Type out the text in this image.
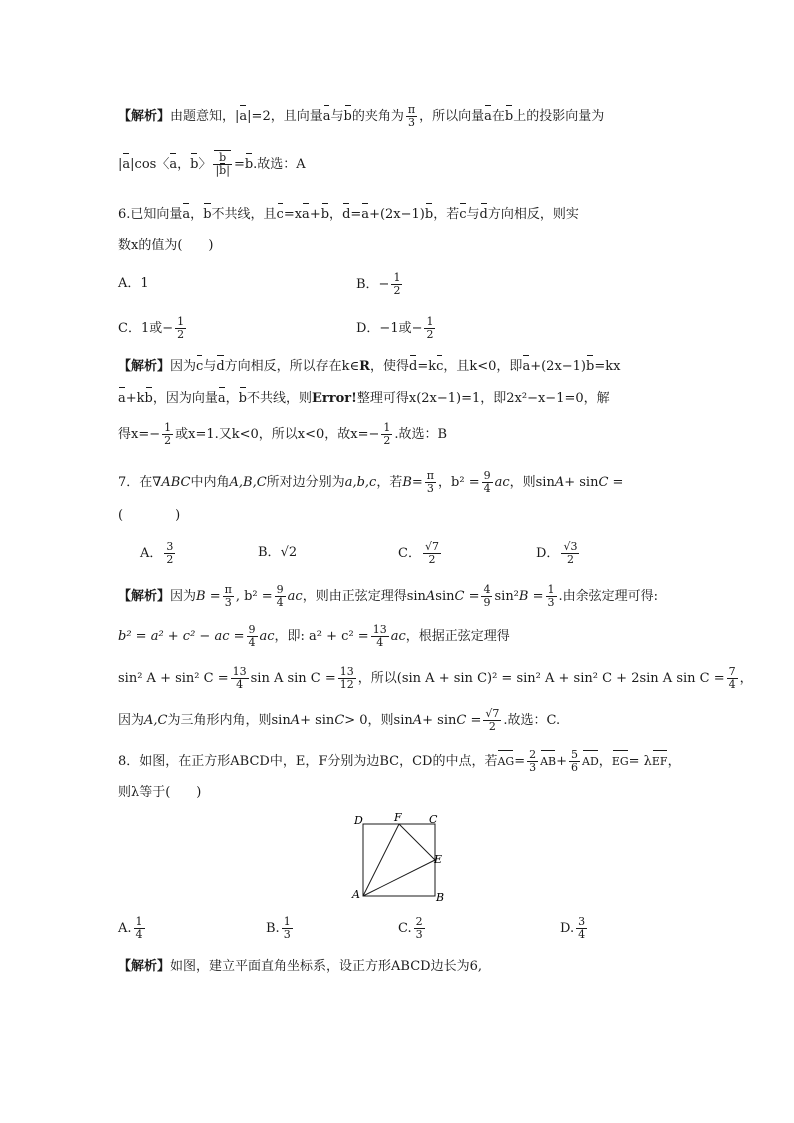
【解析】由题意知，|a|=2，且向量a与b的夹角为 $\frac{\pi}{3}$ ，所以向量a在b上的投影向量为
|a|cos〈a，b〉 $\frac{b}{|b|} =b$.故选：A
6.已知向量a，b不共线，且c=xa+b，d=a+(2x−1)b，若c与d方向相反，则实
数x的值为(　　)
A．1	B．− $\frac{1}{2}$
C．1或− $\frac{1}{2}$	D．−1或− $\frac{1}{2}$
【解析】因为c与d方向相反，所以存在k∈R，使得d=kc，且k<0，即a+(2x−1)b=kx
a+kb，因为向量a，b不共线，则Error!整理可得x(2x−1)=1，即2x²−x−1=0，解
得$x=- \frac{1}{2}$ 或x=1.又k<0，所以x<0，故$x=- \frac{1}{2}$ .故选：B
7．在∇ABC中内角A,B,C所对边分别为a,b,c，若$B= \frac{\pi}{3}$ ，$b^2 = \frac{9}{4}$ ac，则sinA+ sinC =
(　　　　)
A． $\frac{3}{2}$	B．√2	C． $\frac{√7}{2}$	D． $\frac{√3}{2}$
【解析】因为$B = \frac{\pi}{3}$ , $b^2 = \frac{9}{4}$ ac，则由正弦定理得sinAsinC = $\frac{4}{9} \sin^2B = \frac{1}{3}$ .由余弦定理可得:
b² = a² + c² − ac = $\frac{9}{4}$ ac，即: $a^2 + c^2 = \frac{13}{4}$ ac，根据正弦定理得
sin² A + sin² $C = \frac{13}{4}$ sin A $\sin C = \frac{13}{12}$ ，所以(sin A + sin C)² = sin² A + sin² C + 2sin A $\sin C = \frac{7}{4}$ ，
因为A,C为三角形内角，则sinA+ sinC> 0，则$\sin A+ \sin C = \frac{√7}{2}$ .故选：C.
8．如图，在正方形ABCD中，E，F分别为边BC，CD的中点，若$AG= \frac{2}{3} AB+ \frac{5}{6}$ AD，EG= λEF，
则λ等于(　　)
D	F C
E
A	B
A. $\frac{1}{4}$	B. $\frac{1}{3}$	C. $\frac{2}{3}$	D. $\frac{3}{4}$
【解析】如图，建立平面直角坐标系，设正方形ABCD边长为6,
